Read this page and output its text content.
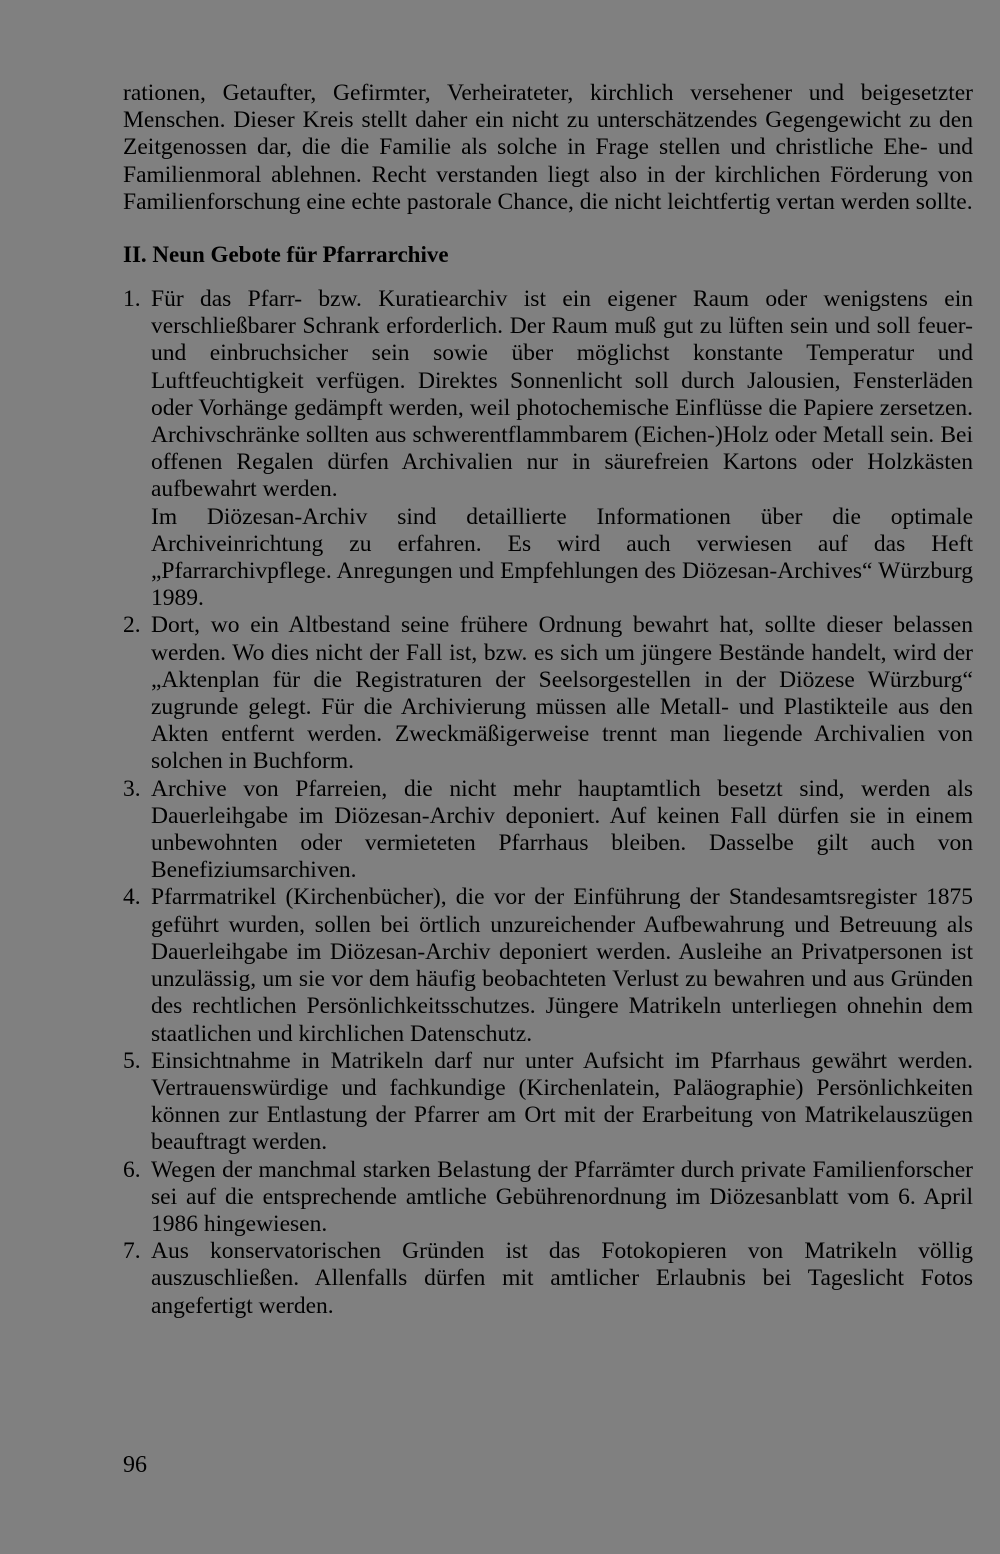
rationen, Getaufter, Gefirmter, Verheirateter, kirchlich versehener und beigesetzter Menschen. Dieser Kreis stellt daher ein nicht zu unterschätzendes Gegengewicht zu den Zeitgenossen dar, die die Familie als solche in Frage stellen und christliche Ehe- und Familienmoral ablehnen. Recht verstanden liegt also in der kirchlichen Förderung von Familienforschung eine echte pastorale Chance, die nicht leichtfertig vertan werden sollte.

II. Neun Gebote für Pfarrarchive
1. Für das Pfarr- bzw. Kuratiearchiv ist ein eigener Raum oder wenigstens ein verschließbarer Schrank erforderlich. Der Raum muß gut zu lüften sein und soll feuer- und einbruchsicher sein sowie über möglichst konstante Temperatur und Luftfeuchtigkeit verfügen. Direktes Sonnenlicht soll durch Jalousien, Fensterläden oder Vorhänge gedämpft werden, weil photochemische Einflüsse die Papiere zersetzen. Archivschränke sollten aus schwerentflammbarem (Eichen-)Holz oder Metall sein. Bei offenen Regalen dürfen Archivalien nur in säurefreien Kartons oder Holzkästen aufbewahrt werden.

Im Diözesan-Archiv sind detaillierte Informationen über die optimale Archiveinrichtung zu erfahren. Es wird auch verwiesen auf das Heft „Pfarrarchivpflege. Anregungen und Empfehlungen des Diözesan-Archives“ Würzburg 1989.

2. Dort, wo ein Altbestand seine frühere Ordnung bewahrt hat, sollte dieser belassen werden. Wo dies nicht der Fall ist, bzw. es sich um jüngere Bestände handelt, wird der „Aktenplan für die Registraturen der Seelsorgestellen in der Diözese Würzburg“ zugrunde gelegt. Für die Archivierung müssen alle Metall- und Plastikteile aus den Akten entfernt werden. Zweckmäßigerweise trennt man liegende Archivalien von solchen in Buchform.

3. Archive von Pfarreien, die nicht mehr hauptamtlich besetzt sind, werden als Dauerleihgabe im Diözesan-Archiv deponiert. Auf keinen Fall dürfen sie in einem unbewohnten oder vermieteten Pfarrhaus bleiben. Dasselbe gilt auch von Benefiziumsarchiven.

4. Pfarrmatrikel (Kirchenbücher), die vor der Einführung der Standesamtsregister 1875 geführt wurden, sollen bei örtlich unzureichender Aufbewahrung und Betreuung als Dauerleihgabe im Diözesan-Archiv deponiert werden. Ausleihe an Privatpersonen ist unzulässig, um sie vor dem häufig beobachteten Verlust zu bewahren und aus Gründen des rechtlichen Persönlichkeitsschutzes. Jüngere Matrikeln unterliegen ohnehin dem staatlichen und kirchlichen Datenschutz.

5. Einsichtnahme in Matrikeln darf nur unter Aufsicht im Pfarrhaus gewährt werden. Vertrauenswürdige und fachkundige (Kirchenlatein, Paläographie) Persönlichkeiten können zur Entlastung der Pfarrer am Ort mit der Erarbeitung von Matrikelauszügen beauftragt werden.

6. Wegen der manchmal starken Belastung der Pfarrämter durch private Familienforscher sei auf die entsprechende amtliche Gebührenordnung im Diözesanblatt vom 6. April 1986 hingewiesen.

7. Aus konservatorischen Gründen ist das Fotokopieren von Matrikeln völlig auszuschließen. Allenfalls dürfen mit amtlicher Erlaubnis bei Tageslicht Fotos angefertigt werden.

96
